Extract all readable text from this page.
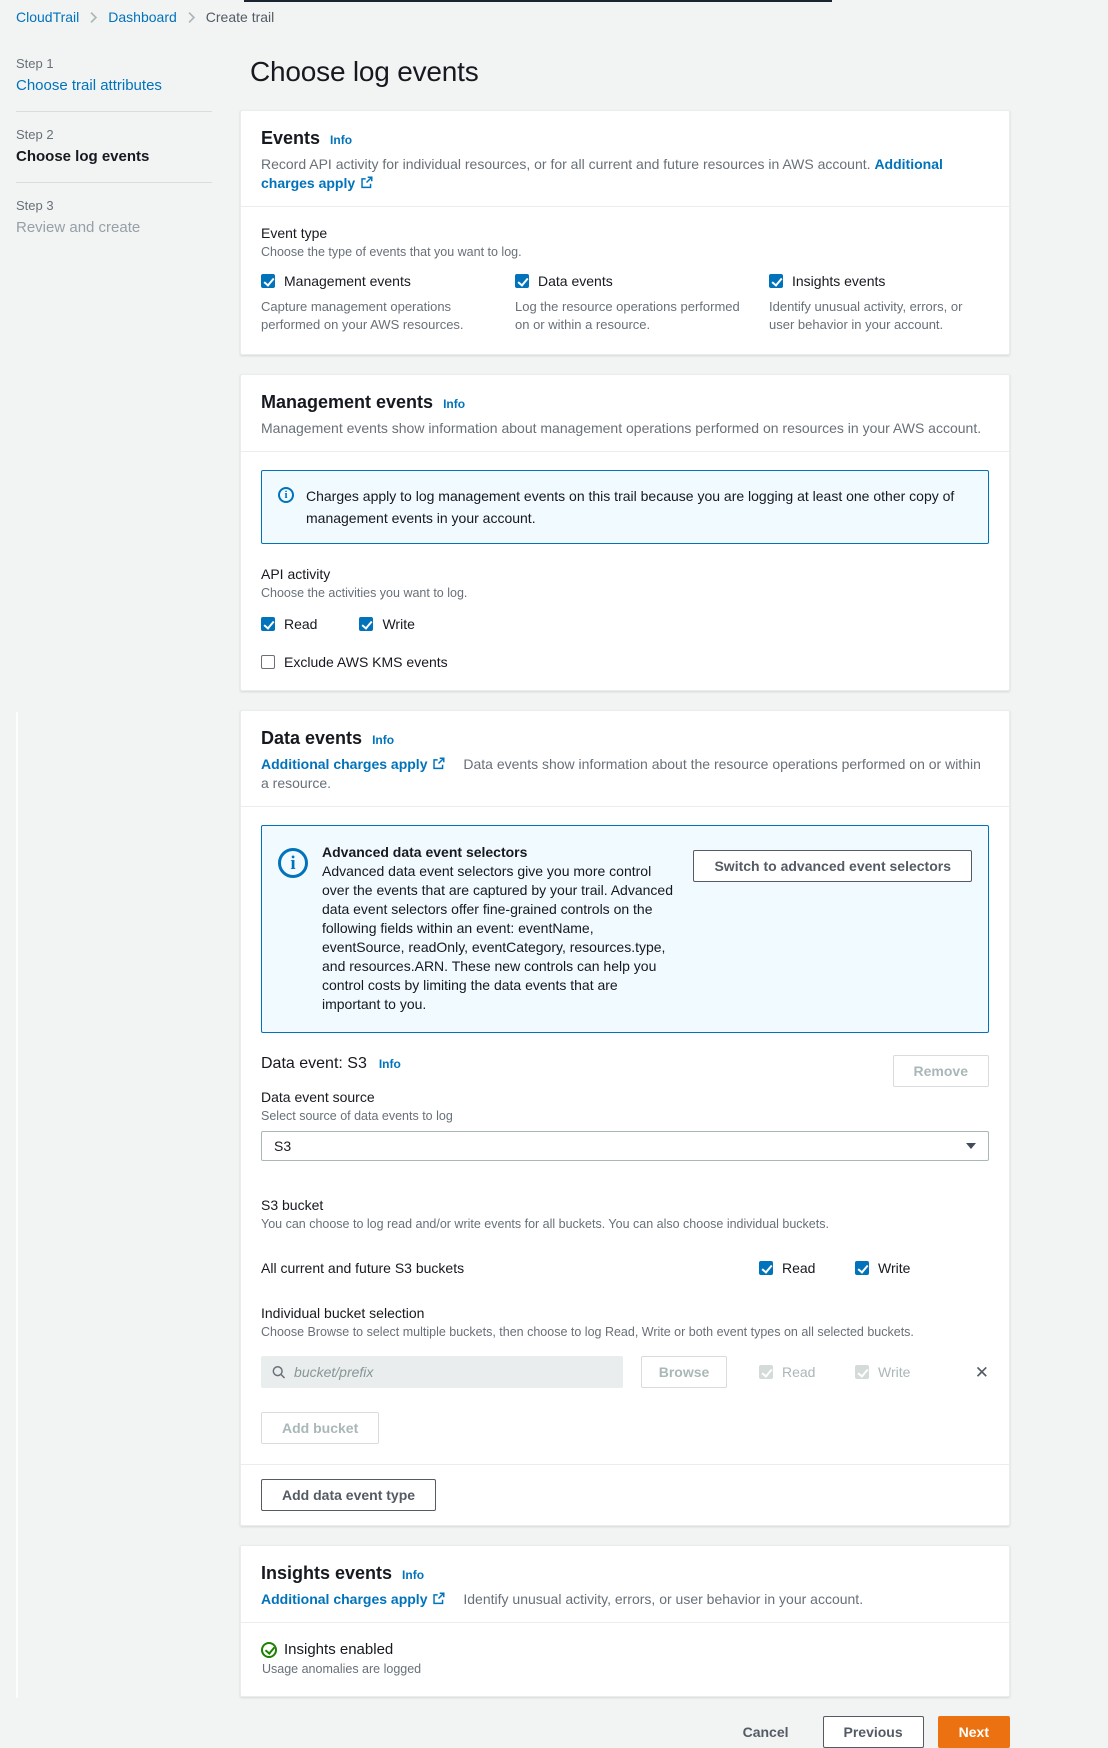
CloudTrail Dashboard Create trail
Step 1
Choose trail attributes
Step 2
Choose log events
Step 3
Review and create
Choose log events
Events Info
Record API activity for individual resources, or for all current and future resources in AWS account. Additional charges apply
Event type
Choose the type of events that you want to log.
Management events
Capture management operations performed on your AWS resources.
Data events
Log the resource operations performed on or within a resource.
Insights events
Identify unusual activity, errors, or user behavior in your account.
Management events Info
Management events show information about management operations performed on resources in your AWS account.
i	Charges apply to log management events on this trail because you are logging at least one other copy of management events in your account.
API activity
Choose the activities you want to log.
Read	Write
Exclude AWS KMS events
Data events Info
Additional charges apply	Data events show information about the resource operations performed on or within a resource.
i
Advanced data event selectors
Advanced data event selectors give you more control over the events that are captured by your trail. Advanced data event selectors offer fine-grained controls on the following fields within an event: eventName, eventSource, readOnly, eventCategory, resources.type, and resources.ARN. These new controls can help you control costs by limiting the data events that are important to you.
Switch to advanced event selectors
Data event: S3 Info	Remove
Data event source
Select source of data events to log
S3
S3 bucket
You can choose to log read and/or write events for all buckets. You can also choose individual buckets.
All current and future S3 buckets	Read	Write
Individual bucket selection
Choose Browse to select multiple buckets, then choose to log Read, Write or both event types on all selected buckets.
bucket/prefix
Browse	Read	Write	✕
Add bucket
Add data event type
Insights events Info
Additional charges apply	Identify unusual activity, errors, or user behavior in your account.
Insights enabled
Usage anomalies are logged
Cancel	Previous	Next
